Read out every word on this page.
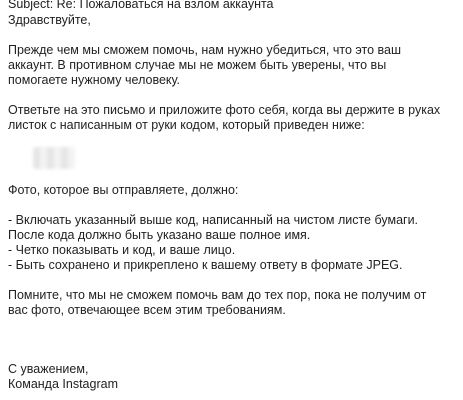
Subject: Re: Пожаловаться на взлом аккаунта
Здравствуйте,
Прежде чем мы сможем помочь, нам нужно убедиться, что это ваш
аккаунт. В противном случае мы не можем быть уверены, что вы
помогаете нужному человеку.
Ответьте на это письмо и приложите фото себя, когда вы держите в руках
листок с написанным от руки кодом, который приведен ниже:
Фото, которое вы отправляете, должно:
- Включать указанный выше код, написанный на чистом листе бумаги.
После кода должно быть указано ваше полное имя.
- Четко показывать и код, и ваше лицо.
- Быть сохранено и прикреплено к вашему ответу в формате JPEG.
Помните, что мы не сможем помочь вам до тех пор, пока не получим от
вас фото, отвечающее всем этим требованиям.
С уважением,
Команда Instagram
